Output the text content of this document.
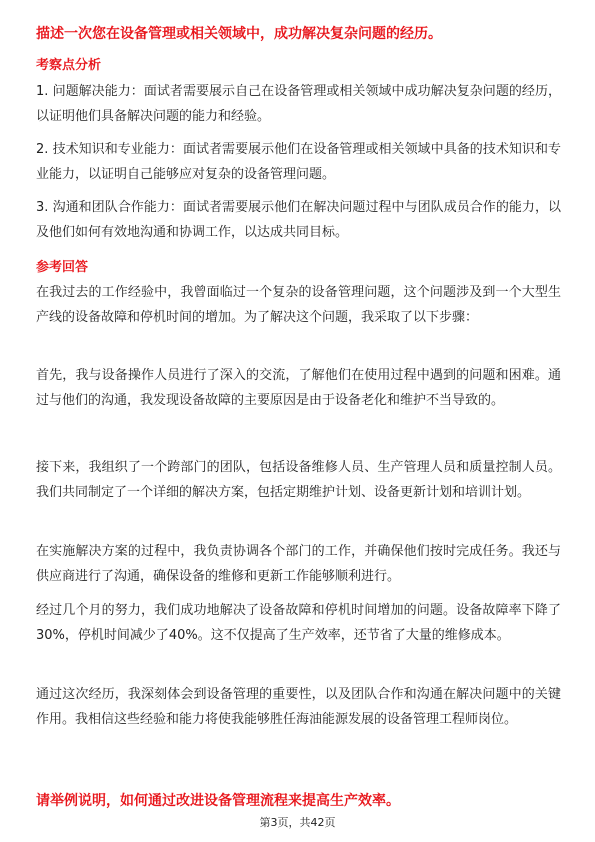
描述一次您在设备管理或相关领域中，成功解决复杂问题的经历。
考察点分析
1. 问题解决能力：面试者需要展示自己在设备管理或相关领域中成功解决复杂问题的经历，以证明他们具备解决问题的能力和经验。
2. 技术知识和专业能力：面试者需要展示他们在设备管理或相关领域中具备的技术知识和专业能力，以证明自己能够应对复杂的设备管理问题。
3. 沟通和团队合作能力：面试者需要展示他们在解决问题过程中与团队成员合作的能力，以及他们如何有效地沟通和协调工作，以达成共同目标。
参考回答
在我过去的工作经验中，我曾面临过一个复杂的设备管理问题，这个问题涉及到一个大型生产线的设备故障和停机时间的增加。为了解决这个问题，我采取了以下步骤：
首先，我与设备操作人员进行了深入的交流，了解他们在使用过程中遇到的问题和困难。通过与他们的沟通，我发现设备故障的主要原因是由于设备老化和维护不当导致的。
接下来，我组织了一个跨部门的团队，包括设备维修人员、生产管理人员和质量控制人员。我们共同制定了一个详细的解决方案，包括定期维护计划、设备更新计划和培训计划。
在实施解决方案的过程中，我负责协调各个部门的工作，并确保他们按时完成任务。我还与供应商进行了沟通，确保设备的维修和更新工作能够顺利进行。
经过几个月的努力，我们成功地解决了设备故障和停机时间增加的问题。设备故障率下降了30%，停机时间减少了40%。这不仅提高了生产效率，还节省了大量的维修成本。
通过这次经历，我深刻体会到设备管理的重要性，以及团队合作和沟通在解决问题中的关键作用。我相信这些经验和能力将使我能够胜任海油能源发展的设备管理工程师岗位。
请举例说明，如何通过改进设备管理流程来提高生产效率。
第3页，共42页
